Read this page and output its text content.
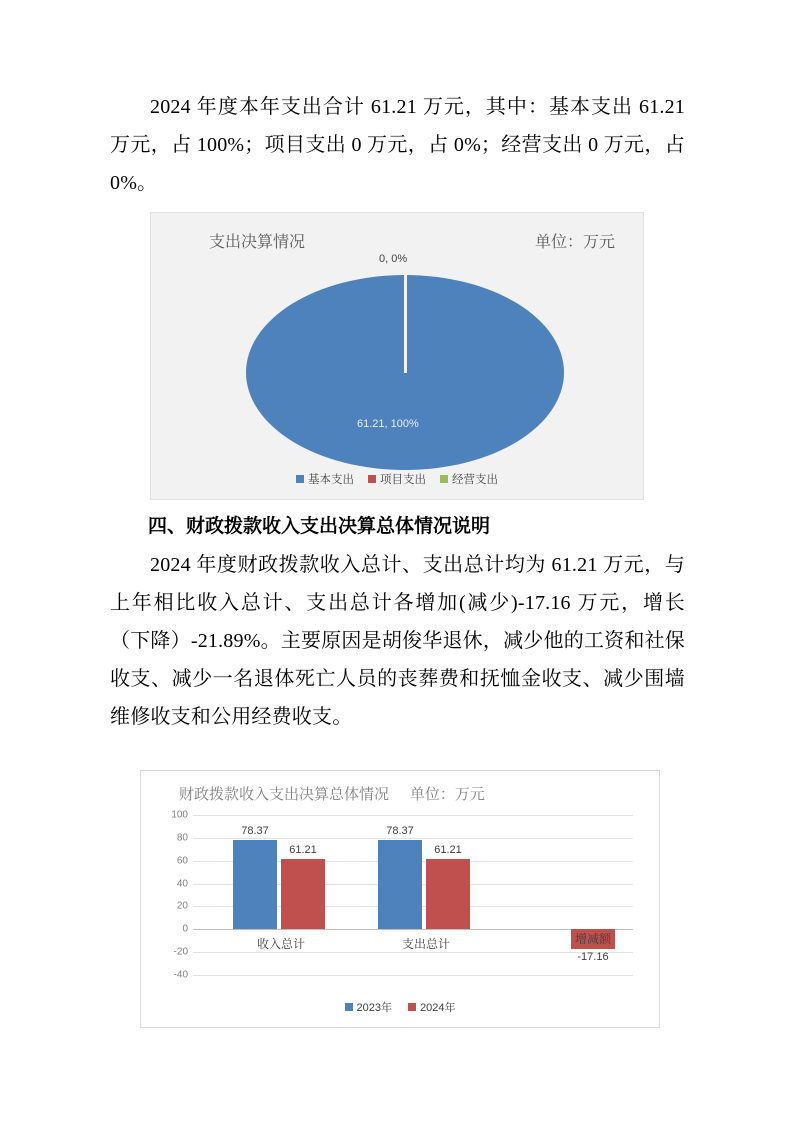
2024 年度本年支出合计 61.21 万元，其中：基本支出 61.21 万元，占 100%；项目支出 0 万元，占 0%；经营支出 0 万元，占 0%。

支出决算情况	单位：万元
0, 0%
61.21, 100%
基本支出 项目支出 经营支出
四、财政拨款收入支出决算总体情况说明

2024 年度财政拨款收入总计、支出总计均为 61.21 万元，与上年相比收入总计、支出总计各增加(减少)-17.16 万元，增长（下降）-21.89%。主要原因是胡俊华退休，减少他的工资和社保收支、减少一名退体死亡人员的丧葬费和抚恤金收支、减少围墙维修收支和公用经费收支。

财政拨款收入支出决算总体情况 单位：万元
100
80
60
40
20
0
-20
-40
78.37
61.21
收入总计
78.37
61.21
支出总计	增减额
-17.16
2023年	2024年
